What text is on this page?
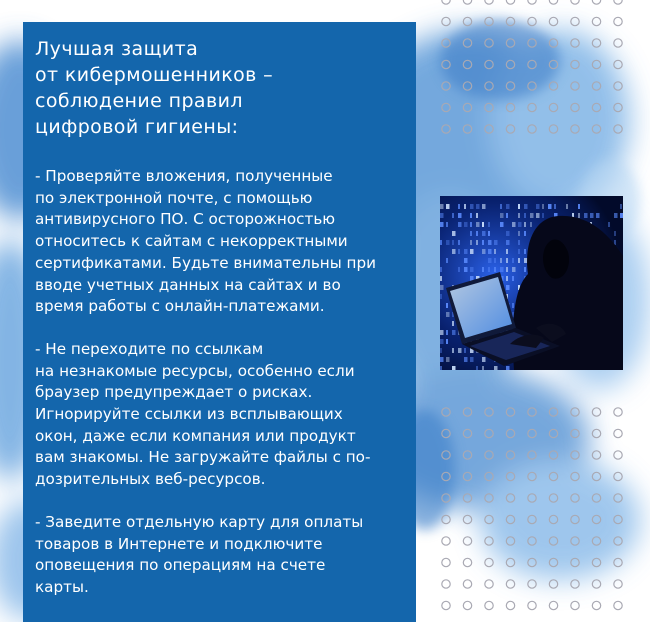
Лучшая защита
от кибермошенников –
соблюдение правил
цифровой гигиены:

- Проверяйте вложения, полученные
по электронной почте, с помощью
антивирусного ПО. С осторожностью
относитесь к сайтам с некорректными
сертификатами. Будьте внимательны при
вводе учетных данных на сайтах и во
время работы с онлайн-платежами.

- Не переходите по ссылкам
на незнакомые ресурсы, особенно если
браузер предупреждает о рисках.
Игнорируйте ссылки из всплывающих
окон, даже если компания или продукт
вам знакомы. Не загружайте файлы с по-
дозрительных веб-ресурсов.

- Заведите отдельную карту для оплаты
товаров в Интернете и подключите
оповещения по операциям на счете
карты.
